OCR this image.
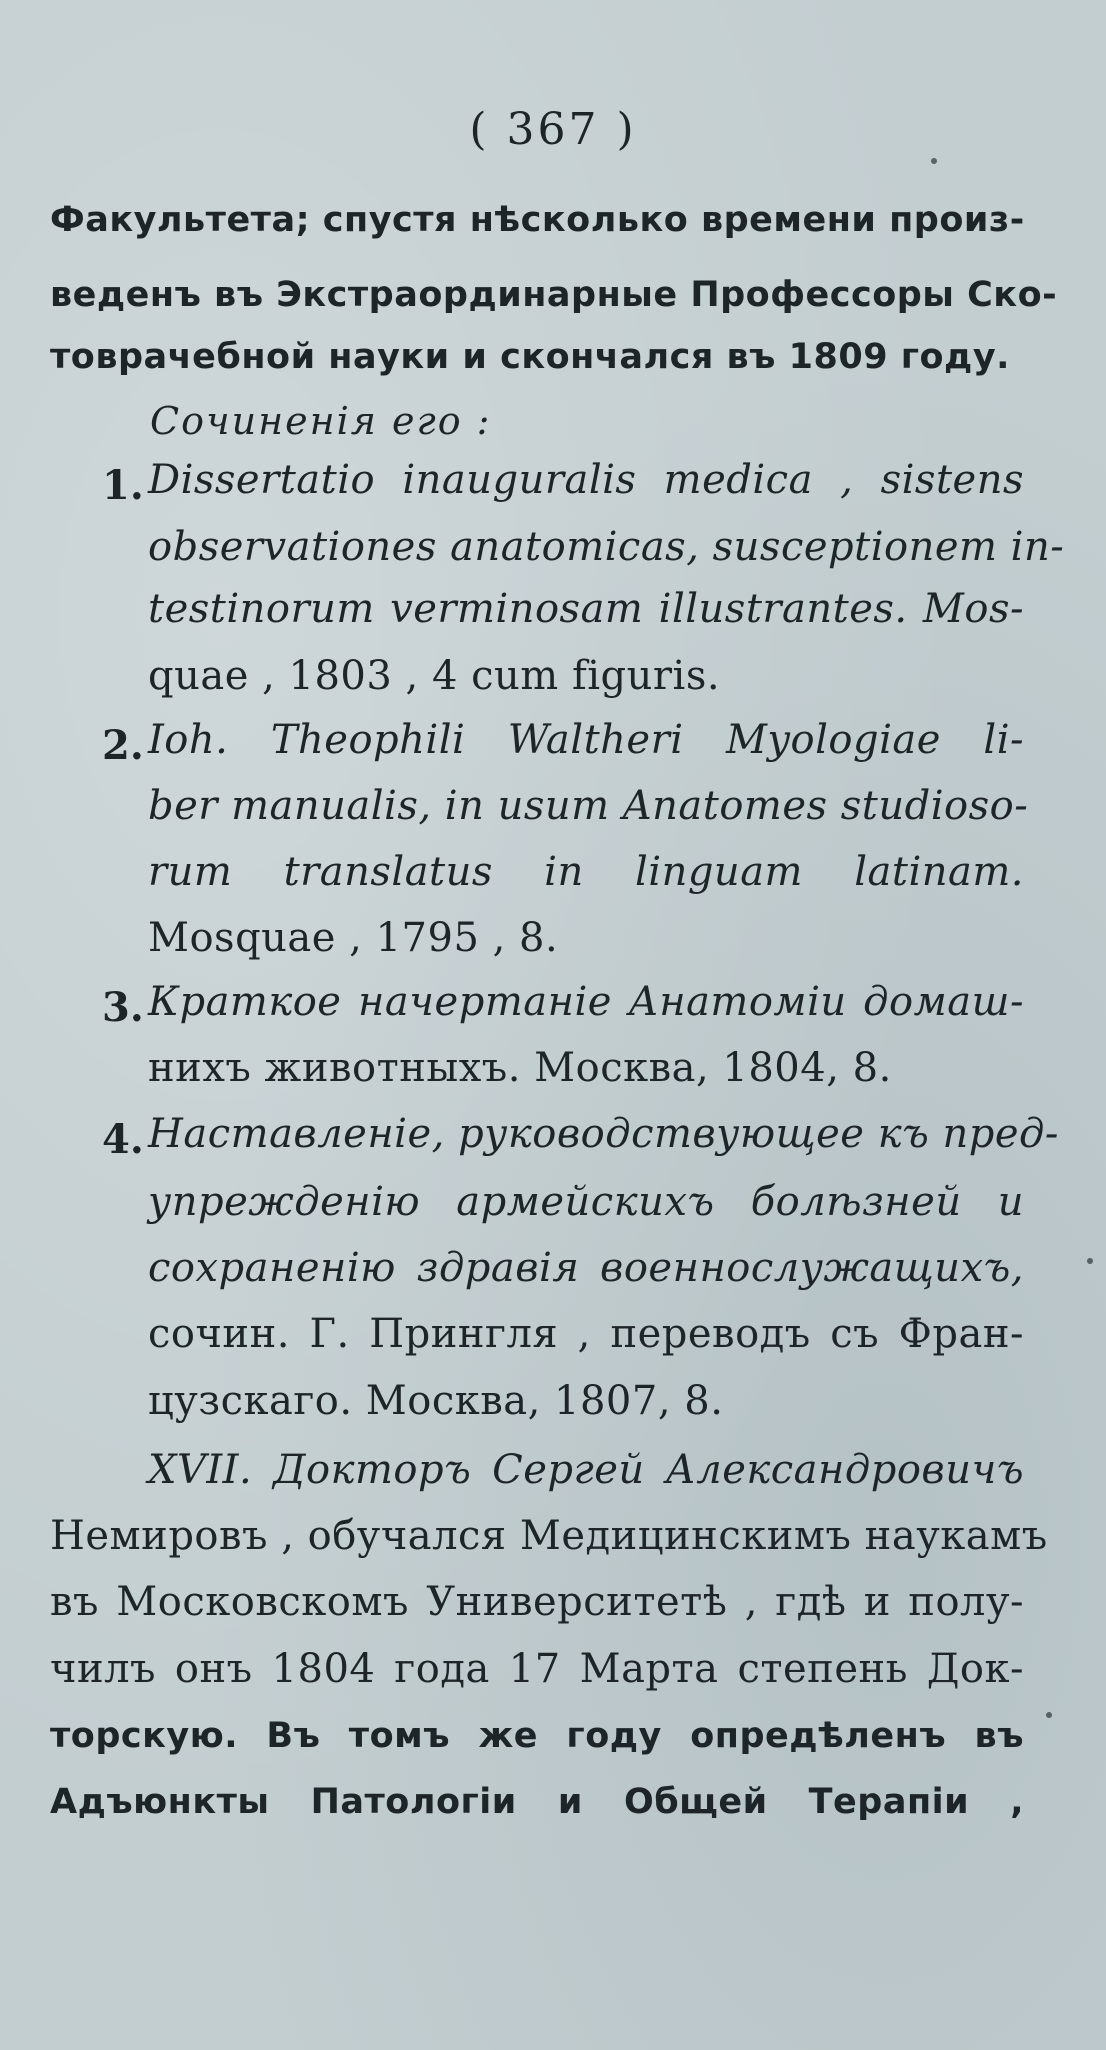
( 367 )
Факультета; спустя нѣсколько времени произ-
веденъ въ Экстраординарные Профессоры Ско-
товрачебной науки и скончался въ 1809 году.
Сочиненія его :
1. Dissertatio inauguralis medica , sistens
observationes anatomicas, susceptionem in-
testinorum verminosam illustrantes. Mos-
quae , 1803 , 4 cum figuris.
2. Ioh. Theophili Waltheri Myologiae li-
ber manualis, in usum Anatomes studioso-
rum translatus in linguam latinam.
Mosquae , 1795 , 8.
3. Краткое начертаніе Анатоміи домаш-
нихъ животныхъ. Москва, 1804, 8.
4. Наставленіе, руководствующее къ пред-
упрежденію армейскихъ болѣзней и
сохраненію здравія военнослужащихъ,
сочин. Г. Прингля , переводъ съ Фран-
цузскаго. Москва, 1807, 8.
XVII. Докторъ Сергей Александровичъ
Немировъ , обучался Медицинскимъ наукамъ
въ Московскомъ Университетѣ , гдѣ и полу-
чилъ онъ 1804 года 17 Марта степень Док-
торскую. Въ томъ же году опредѣленъ въ
Адъюнкты Патологіи и Общей Терапіи ,
